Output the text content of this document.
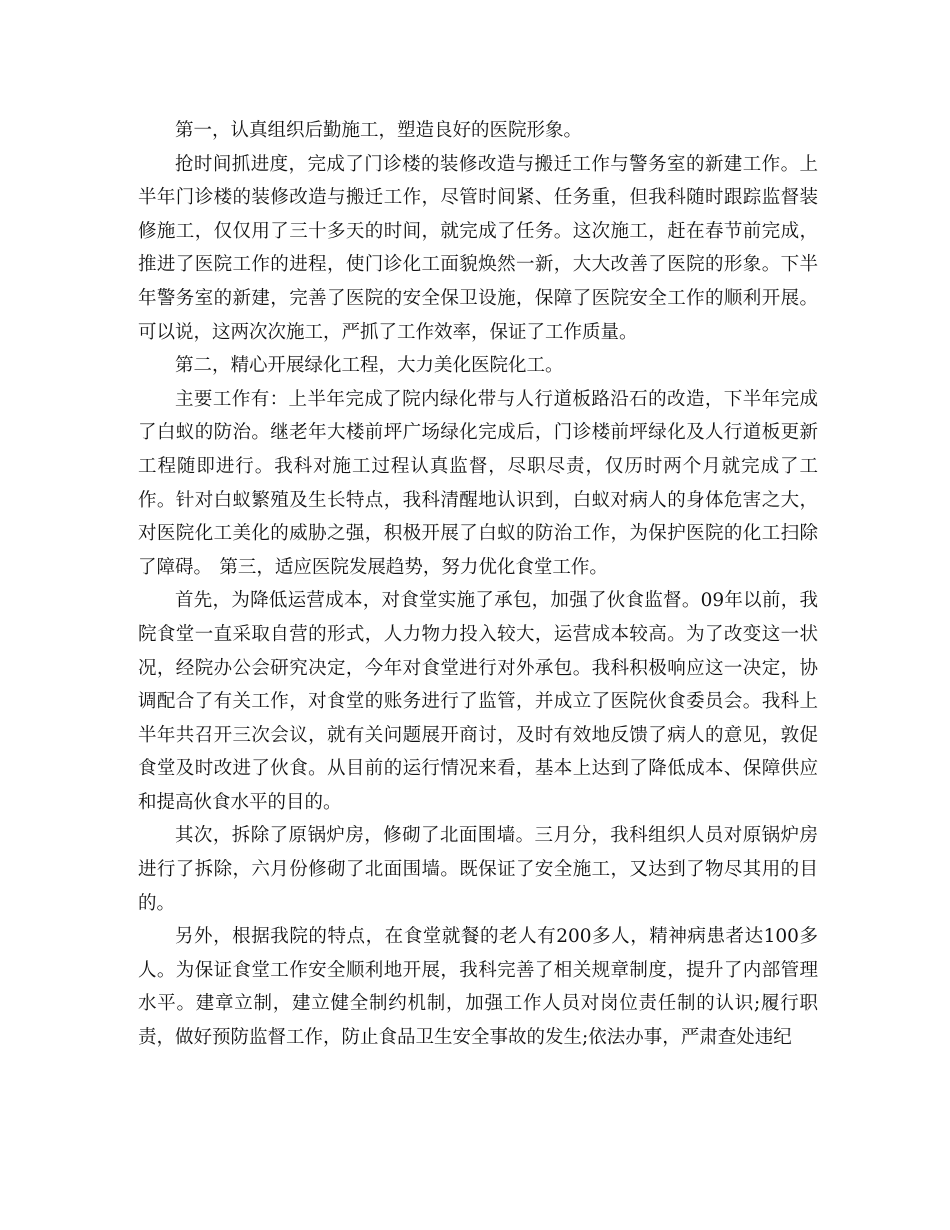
第一，认真组织后勤施工，塑造良好的医院形象。

抢时间抓进度，完成了门诊楼的装修改造与搬迁工作与警务室的新建工作。上半年门诊楼的装修改造与搬迁工作，尽管时间紧、任务重，但我科随时跟踪监督装修施工，仅仅用了三十多天的时间，就完成了任务。这次施工，赶在春节前完成，推进了医院工作的进程，使门诊化工面貌焕然一新，大大改善了医院的形象。下半年警务室的新建，完善了医院的安全保卫设施，保障了医院安全工作的顺利开展。可以说，这两次次施工，严抓了工作效率，保证了工作质量。

第二，精心开展绿化工程，大力美化医院化工。

主要工作有：上半年完成了院内绿化带与人行道板路沿石的改造，下半年完成了白蚁的防治。继老年大楼前坪广场绿化完成后，门诊楼前坪绿化及人行道板更新工程随即进行。我科对施工过程认真监督，尽职尽责，仅历时两个月就完成了工作。针对白蚁繁殖及生长特点，我科清醒地认识到，白蚁对病人的身体危害之大，对医院化工美化的威胁之强，积极开展了白蚁的防治工作，为保护医院的化工扫除了障碍。 第三，适应医院发展趋势，努力优化食堂工作。

首先，为降低运营成本，对食堂实施了承包，加强了伙食监督。09年以前，我院食堂一直采取自营的形式，人力物力投入较大，运营成本较高。为了改变这一状况，经院办公会研究决定，今年对食堂进行对外承包。我科积极响应这一决定，协调配合了有关工作，对食堂的账务进行了监管，并成立了医院伙食委员会。我科上半年共召开三次会议，就有关问题展开商讨，及时有效地反馈了病人的意见，敦促食堂及时改进了伙食。从目前的运行情况来看，基本上达到了降低成本、保障供应和提高伙食水平的目的。

其次，拆除了原锅炉房，修砌了北面围墙。三月分，我科组织人员对原锅炉房进行了拆除，六月份修砌了北面围墙。既保证了安全施工，又达到了物尽其用的目的。

另外，根据我院的特点，在食堂就餐的老人有200多人，精神病患者达100多人。为保证食堂工作安全顺利地开展，我科完善了相关规章制度，提升了内部管理水平。建章立制，建立健全制约机制，加强工作人员对岗位责任制的认识;履行职责，做好预防监督工作，防止食品卫生安全事故的发生;依法办事，严肃查处违纪
